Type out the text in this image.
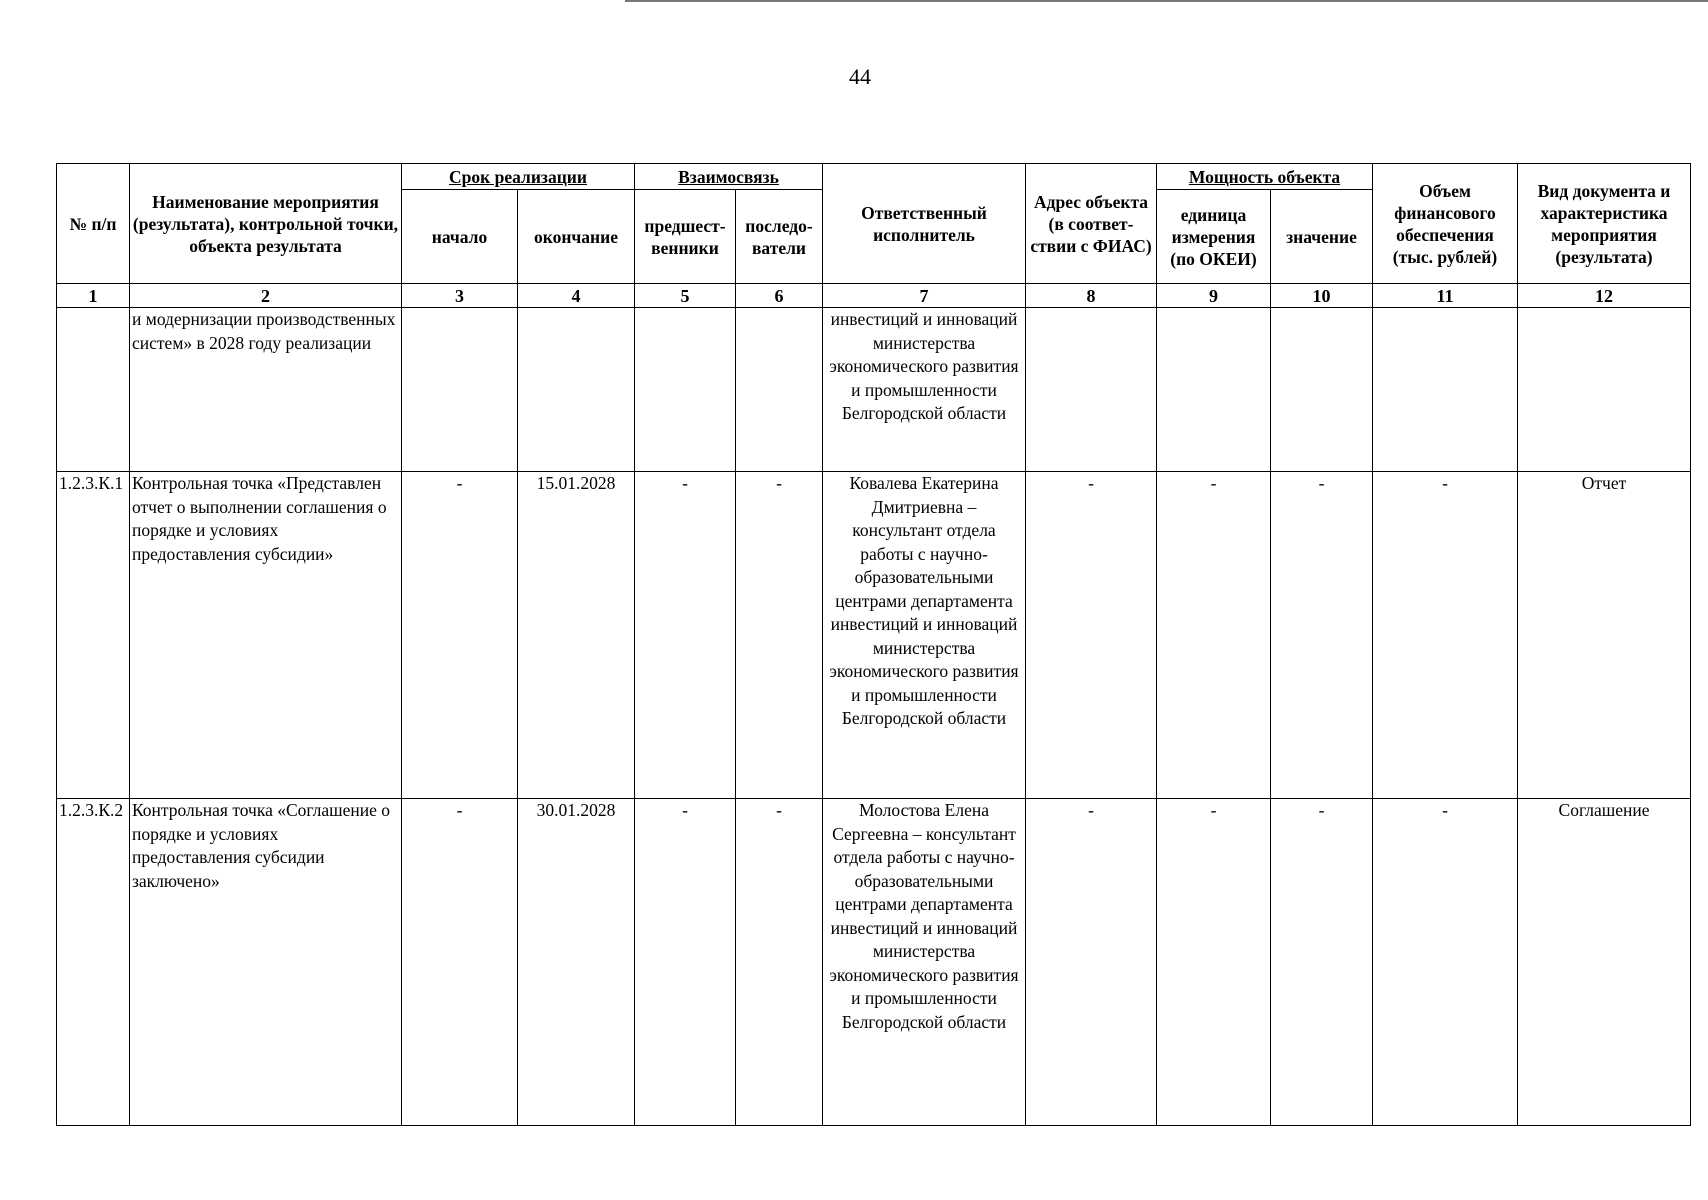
44
№ п/п	Наименование мероприятия (результата), контрольной точки, объекта результата	Срок реализации		Взаимосвязь		Ответственный исполнитель	Адрес объекта (в соответ-ствии с ФИАС)	Мощность объекта		Объем финансового обеспечения (тыс. рублей)	Вид документа и характеристика мероприятия (результата)
		начало	окончание	предшест-венники	последо-ватели			единица измерения (по ОКЕИ)	значение		
1	2	3	4	5	6	7	8	9	10	11	12
	и модернизации производственных систем» в 2028 году реализации					инвестиций и инноваций министерства экономического развития и промышленности Белгородской области					
1.2.3.К.1	Контрольная точка «Представлен отчет о выполнении соглашения о порядке и условиях предоставления субсидии»	-	15.01.2028	-	-	Ковалева Екатерина Дмитриевна – консультант отдела работы с научно-образовательными центрами департамента инвестиций и инноваций министерства экономического развития и промышленности Белгородской области	-	-	-	-	Отчет
1.2.3.К.2	Контрольная точка «Соглашение о порядке и условиях предоставления субсидии заключено»	-	30.01.2028	-	-	Молостова Елена Сергеевна – консультант отдела работы с научно-образовательными центрами департамента инвестиций и инноваций министерства экономического развития и промышленности Белгородской области	-	-	-	-	Соглашение
